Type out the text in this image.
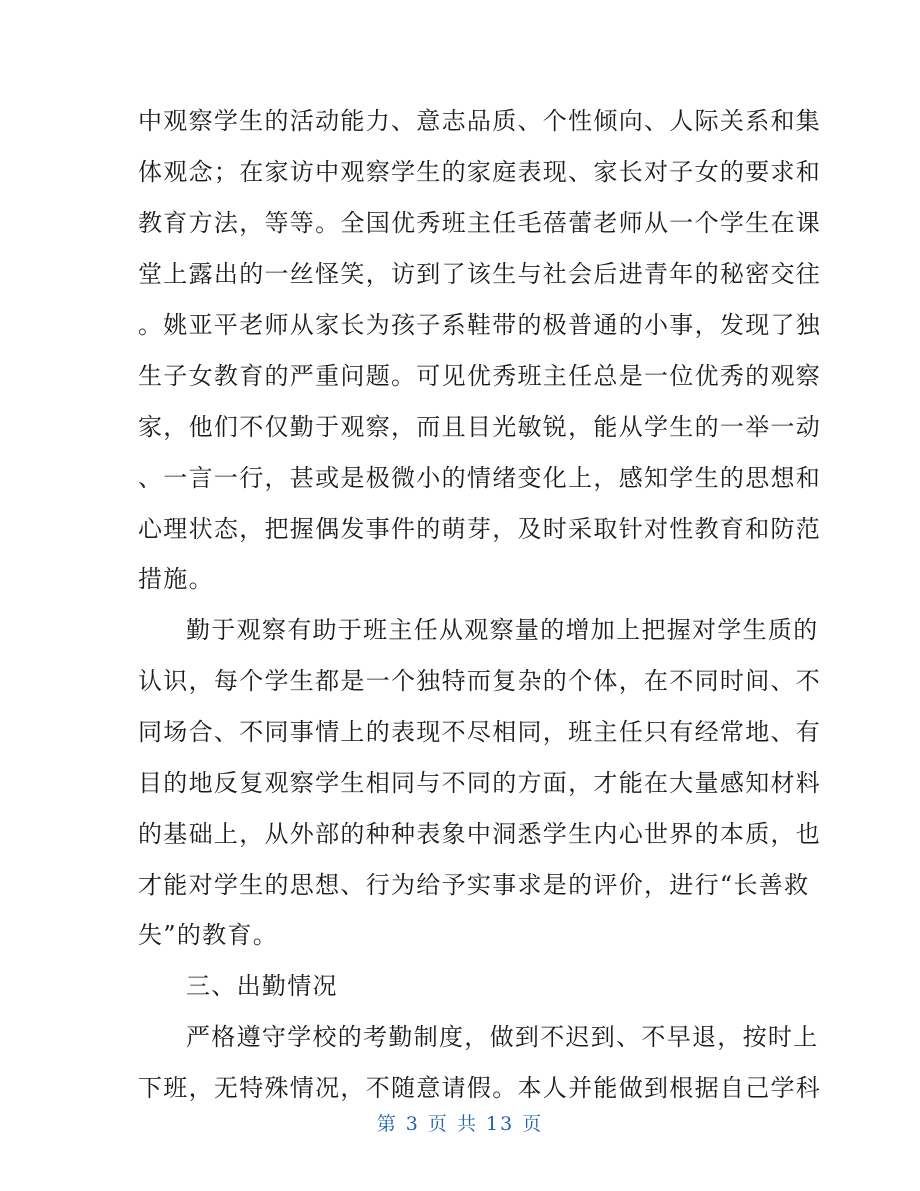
中观察学生的活动能力、意志品质、个性倾向、人际关系和集
体观念；在家访中观察学生的家庭表现、家长对子女的要求和
教育方法，等等。全国优秀班主任毛蓓蕾老师从一个学生在课
堂上露出的一丝怪笑，访到了该生与社会后进青年的秘密交往
。姚亚平老师从家长为孩子系鞋带的极普通的小事，发现了独
生子女教育的严重问题。可见优秀班主任总是一位优秀的观察
家，他们不仅勤于观察，而且目光敏锐，能从学生的一举一动
、一言一行，甚或是极微小的情绪变化上，感知学生的思想和
心理状态，把握偶发事件的萌芽，及时采取针对性教育和防范
措施。
勤于观察有助于班主任从观察量的增加上把握对学生质的
认识，每个学生都是一个独特而复杂的个体，在不同时间、不
同场合、不同事情上的表现不尽相同，班主任只有经常地、有
目的地反复观察学生相同与不同的方面，才能在大量感知材料
的基础上，从外部的种种表象中洞悉学生内心世界的本质，也
才能对学生的思想、行为给予实事求是的评价，进行“长善救
失”的教育。
三、出勤情况
严格遵守学校的考勤制度，做到不迟到、不早退，按时上
下班，无特殊情况，不随意请假。本人并能做到根据自己学科
第 3 页 共 13 页
